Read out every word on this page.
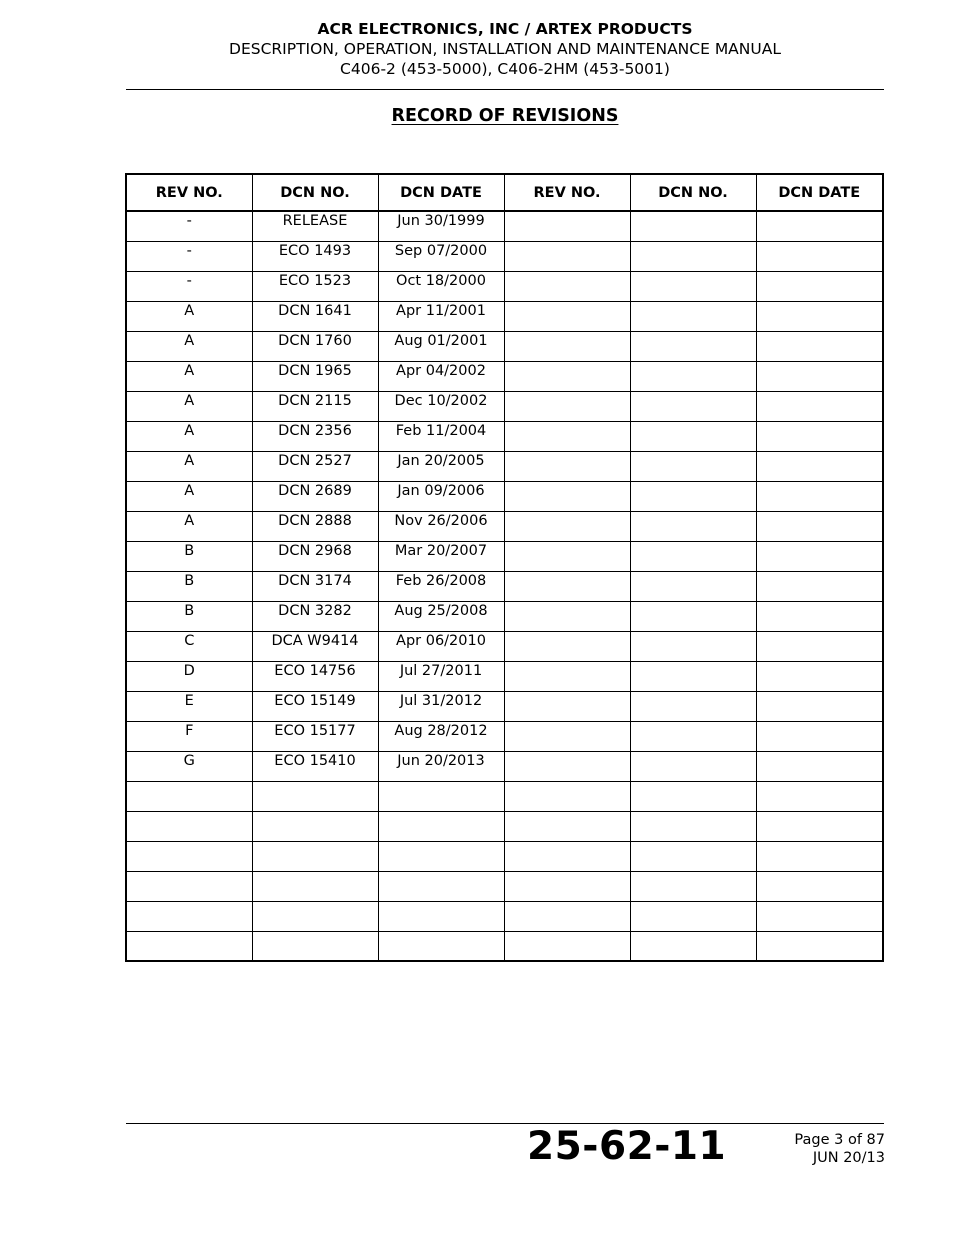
ACR ELECTRONICS, INC / ARTEX PRODUCTS
DESCRIPTION, OPERATION, INSTALLATION AND MAINTENANCE MANUAL
C406-2 (453-5000), C406-2HM (453-5001)
RECORD OF REVISIONS
REV NO.	DCN NO.	DCN DATE	REV NO.	DCN NO.	DCN DATE
-	RELEASE	Jun 30/1999			
-	ECO 1493	Sep 07/2000			
-	ECO 1523	Oct 18/2000			
A	DCN 1641	Apr 11/2001			
A	DCN 1760	Aug 01/2001			
A	DCN 1965	Apr 04/2002			
A	DCN 2115	Dec 10/2002			
A	DCN 2356	Feb 11/2004			
A	DCN 2527	Jan 20/2005			
A	DCN 2689	Jan 09/2006			
A	DCN 2888	Nov 26/2006			
B	DCN 2968	Mar 20/2007			
B	DCN 3174	Feb 26/2008			
B	DCN 3282	Aug 25/2008			
C	DCA W9414	Apr 06/2010			
D	ECO 14756	Jul 27/2011			
E	ECO 15149	Jul 31/2012			
F	ECO 15177	Aug 28/2012			
G	ECO 15410	Jun 20/2013			

25-62-11	Page 3 of 87
JUN 20/13
